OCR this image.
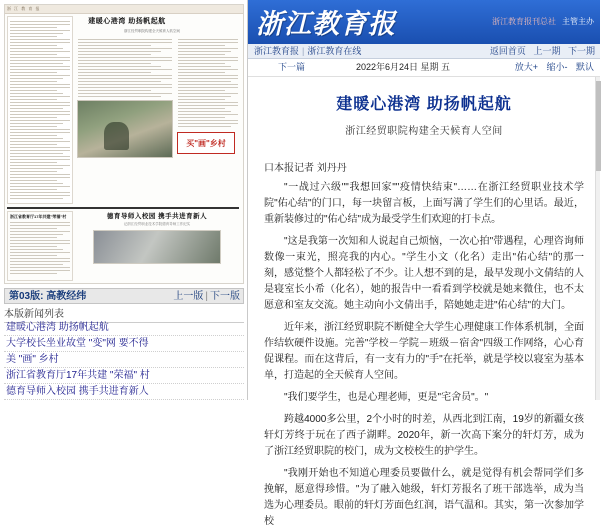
浙 江 教 育 报
建暖心港湾 助扬帆起航
浙江经贸职院构建全天候育人软空间
买"画"乡村
浙江省教育厅17年共建"荣福"村	德育导师入校园 携手共进育新人
记浙江经贸职业技术学院德育导师工作纪实
第03版: 高教经纬	上一版 | 下一版
本版新闻列表
建暖心港湾 助扬帆起航
大学校长坐业故堂 "变"网 要不得
美 "画" 乡村
浙江省教育厅17年共建 "荣福" 村
德育导师入校园 携手共进育新人
浙江教育报	浙江教育报刊总社 主管主办
浙江教育报 | 浙江教育在线	返回首页 上一期 下一期
下一篇	2022年6月24日 星期 五	放大+ 缩小- 默认
建暖心港湾 助扬帆起航
浙江经贸职院构建全天候育人空间
口本报记者 刘丹丹

"一战过六级""我想回家""疫情快结束"……在浙江经贸职业技术学院"佑心结"的门口，每一块留言板，上面写满了学生们的心里话。最近，重新装修过的"佑心结"成为最受学生们欢迎的打卡点。

"这是我第一次知和人说起自己烦恼，一次心拍"带遇程，心理咨询师数像一束光，照亮我的内心。"学生小文（化名）走出"佑心结"的那一刻，感觉整个人都轻松了不少。让人想不到的是，最早发现小文倩结的人是寝室长小希（化名），她的报告中一看看到学校就是她来微住，也不太愿意和室友交流。她主动向小文倩出手，陪她她走进"佑心结"的大门。

近年来，浙江经贸职院不断健全大学生心理健康工作体系机制，全面作结软硬件设施。完善"学校－学院－班级－宿舍"四级工作网络，心心育促课程。而在这背后，有一支有力的"手"在托举，就是学校以寝室为基本单，打造起的全天候育人空间。

"我们要学生，也是心理老师，更是"宅舍员"。"

跨越4000多公里，2个小时的时差，从西北到江南，19岁的新疆女孩轩灯芳终于玩在了西子湖畔。2020年，新一次高下案分的轩灯芳，成为了浙江经贸职院的校门，成为文校校生的护学生。

"我刚开始也不知道心理委员要做什么，就是觉得有机会帮同学们多挽解，愿意得珍惜。"为了融入她级，轩灯芳报名了班干部选举，成为当选为心理委员。眼前的轩灯芳面色红润，语气温和。其实，第一次参加学校
